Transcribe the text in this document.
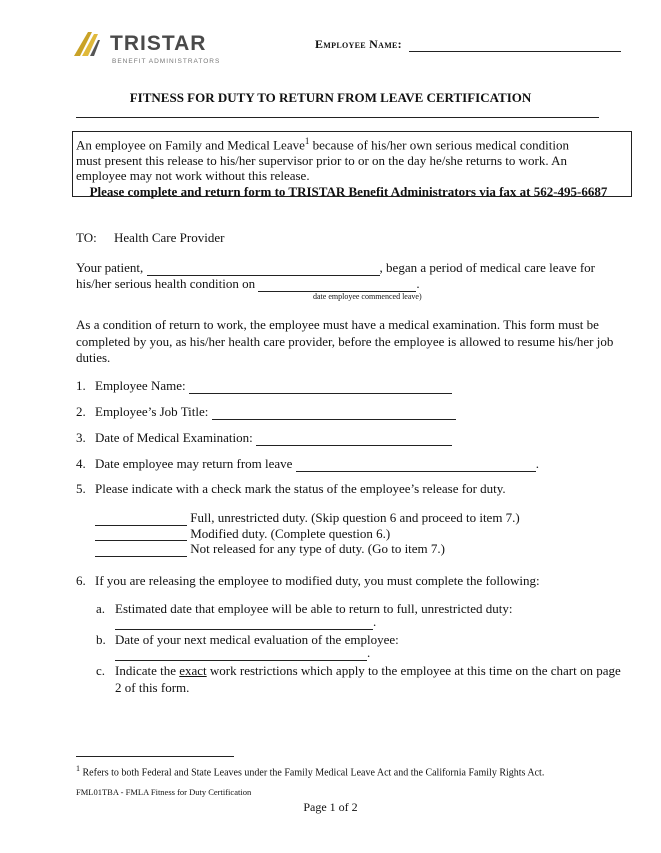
TRISTAR
BENEFIT ADMINISTRATORS
Employee Name:
FITNESS FOR DUTY TO RETURN FROM LEAVE CERTIFICATION
An employee on Family and Medical Leave$^1$ because of his/her own serious medical condition
must present this release to his/her supervisor prior to or on the day he/she returns to work. An
employee may not work without this release.
Please complete and return form to TRISTAR Benefit Administrators via fax at 562-495-6687
TO: Health Care Provider
Your patient,	, began a period of medical care leave for
his/her serious health condition on	.
date employee commenced leave)
As a condition of return to work, the employee must have a medical examination. This form must be
completed by you, as his/her health care provider, before the employee is allowed to resume his/her job
duties.
1. Employee Name:
2. Employee’s Job Title:
3. Date of Medical Examination:
4. Date employee may return from leave	.
5. Please indicate with a check mark the status of the employee’s release for duty.
Full, unrestricted duty. (Skip question 6 and proceed to item 7.)
Modified duty. (Complete question 6.)
Not released for any type of duty. (Go to item 7.)
6. If you are releasing the employee to modified duty, you must complete the following:
a. Estimated date that employee will be able to return to full, unrestricted duty:
.
b. Date of your next medical evaluation of the employee:
.
c. Indicate the exact work restrictions which apply to the employee at this time on the chart on page
2 of this form.
$^1$ Refers to both Federal and State Leaves under the Family Medical Leave Act and the California Family Rights Act.
FML01TBA - FMLA Fitness for Duty Certification
Page 1 of 2
